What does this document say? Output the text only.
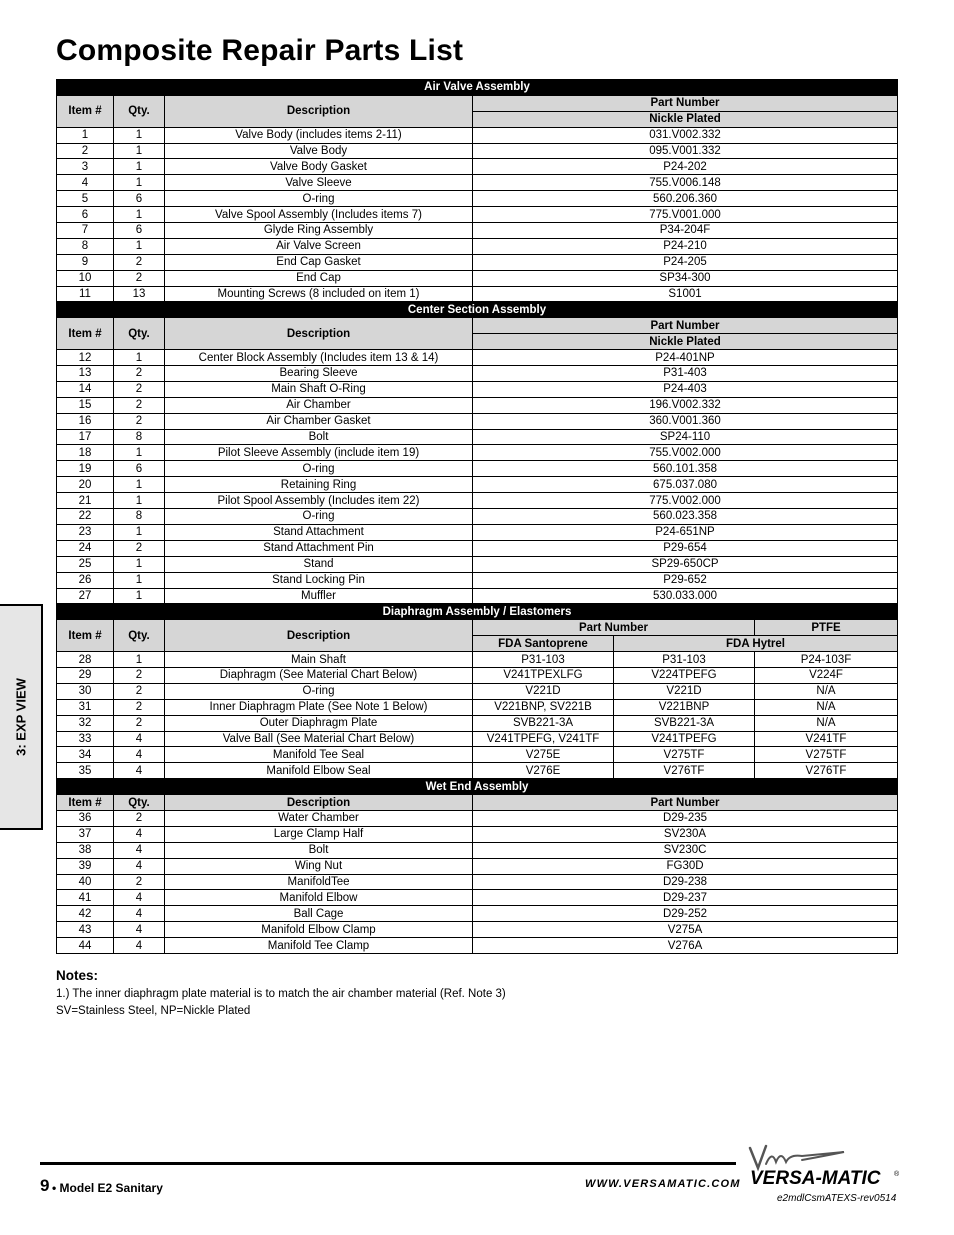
Composite Repair Parts List
3: EXP VIEW
Air Valve Assembly					
Item #	Qty.	Description	Part Number		
			Nickle Plated		
1	1	Valve Body (includes items 2-11)	031.V002.332		
2	1	Valve Body	095.V001.332		
3	1	Valve Body Gasket	P24-202		
4	1	Valve Sleeve	755.V006.148		
5	6	O-ring	560.206.360		
6	1	Valve Spool Assembly (Includes items 7)	775.V001.000		
7	6	Glyde Ring Assembly	P34-204F		
8	1	Air Valve Screen	P24-210		
9	2	End Cap Gasket	P24-205		
10	2	End Cap	SP34-300		
11	13	Mounting Screws (8 included on item 1)	S1001		
Center Section Assembly					
Item #	Qty.	Description	Part Number		
			Nickle Plated		
12	1	Center Block Assembly (Includes item 13 & 14)	P24-401NP		
13	2	Bearing Sleeve	P31-403		
14	2	Main Shaft O-Ring	P24-403		
15	2	Air Chamber	196.V002.332		
16	2	Air Chamber Gasket	360.V001.360		
17	8	Bolt	SP24-110		
18	1	Pilot Sleeve Assembly (include item 19)	755.V002.000		
19	6	O-ring	560.101.358		
20	1	Retaining Ring	675.037.080		
21	1	Pilot Spool Assembly (Includes item 22)	775.V002.000		
22	8	O-ring	560.023.358		
23	1	Stand Attachment	P24-651NP		
24	2	Stand Attachment Pin	P29-654		
25	1	Stand	SP29-650CP		
26	1	Stand Locking Pin	P29-652		
27	1	Muffler	530.033.000		
Diaphragm Assembly / Elastomers					
Item #	Qty.	Description	Part Number		PTFE
			FDA Santoprene	FDA Hytrel	
28	1	Main Shaft	P31-103	P31-103	P24-103F
29	2	Diaphragm (See Material Chart Below)	V241TPEXLFG	V224TPEFG	V224F
30	2	O-ring	V221D	V221D	N/A
31	2	Inner Diaphragm Plate (See Note 1 Below)	V221BNP, SV221B	V221BNP	N/A
32	2	Outer Diaphragm Plate	SVB221-3A	SVB221-3A	N/A
33	4	Valve Ball (See Material Chart Below)	V241TPEFG, V241TF	V241TPEFG	V241TF
34	4	Manifold Tee Seal	V275E	V275TF	V275TF
35	4	Manifold Elbow Seal	V276E	V276TF	V276TF
Wet End Assembly					
Item #	Qty.	Description	Part Number		
36	2	Water Chamber	D29-235		
37	4	Large Clamp Half	SV230A		
38	4	Bolt	SV230C		
39	4	Wing Nut	FG30D		
40	2	ManifoldTee	D29-238		
41	4	Manifold Elbow	D29-237		
42	4	Ball Cage	D29-252		
43	4	Manifold Elbow Clamp	V275A		
44	4	Manifold Tee Clamp	V276A		
Notes:
1.) The inner diaphragm plate material is to match the air chamber material (Ref. Note 3)
SV=Stainless Steel, NP=Nickle Plated
9 • Model E2 Sanitary	WWW.VERSAMATIC.COM VERSA-MATIC ®
e2mdlCsmATEXS-rev0514
